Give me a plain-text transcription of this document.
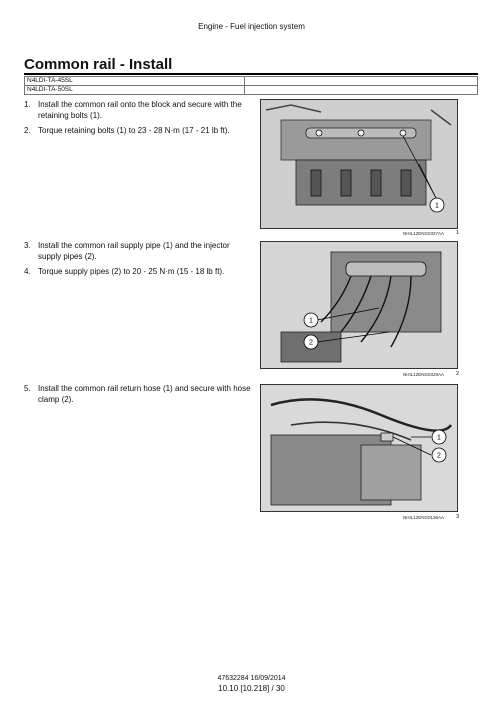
Engine - Fuel injection system
Common rail - Install
N4LDI-TA-45SL	
N4LDI-TA-50SL	
1. Install the common rail onto the block and secure with the retaining bolts (1).
2. Torque retaining bolts (1) to 23 - 28 N·m (17 - 21 lb ft).
1
NHIL12ENG0327AA 1
3. Install the common rail supply pipe (1) and the injector supply pipes (2).
4. Torque supply pipes (2) to 20 - 25 N·m (15 - 18 lb ft).
1
2
NHIL12ENG0328AA 2
5. Install the common rail return hose (1) and secure with hose clamp (2).
1
2
NHIL12ENG0136AA 3
47632284 16/09/2014
10.10 [10.218] / 30
